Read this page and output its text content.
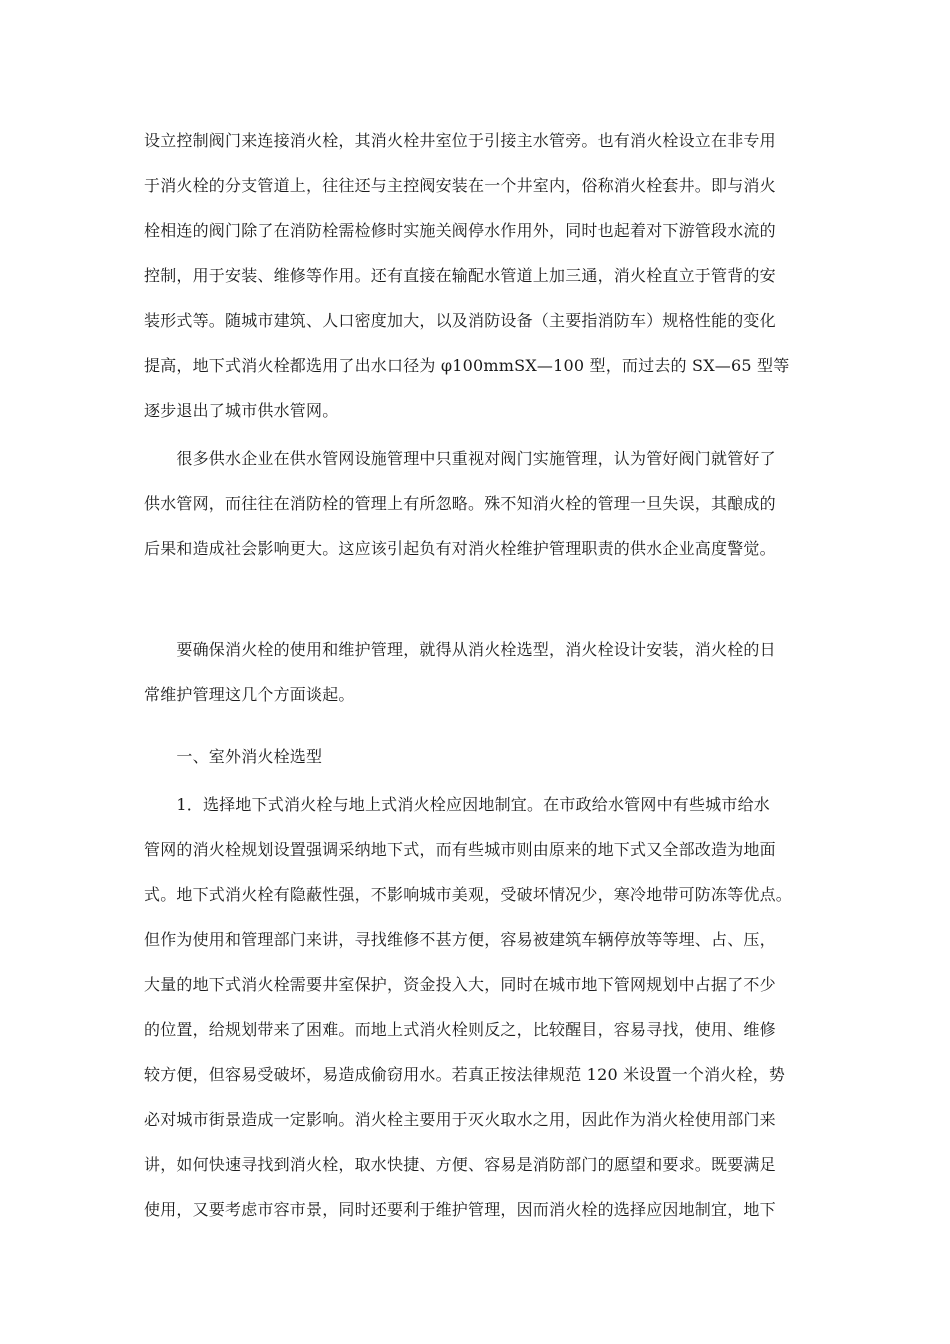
设立控制阀门来连接消火栓，其消火栓井室位于引接主水管旁。也有消火栓设立在非专用
于消火栓的分支管道上，往往还与主控阀安装在一个井室内，俗称消火栓套井。即与消火
栓相连的阀门除了在消防栓需检修时实施关阀停水作用外，同时也起着对下游管段水流的
控制，用于安装、维修等作用。还有直接在输配水管道上加三通，消火栓直立于管背的安
装形式等。随城市建筑、人口密度加大，以及消防设备（主要指消防车）规格性能的变化
提高，地下式消火栓都选用了出水口径为 φ100mmSX—100 型，而过去的 SX—65 型等
逐步退出了城市供水管网。
　　很多供水企业在供水管网设施管理中只重视对阀门实施管理，认为管好阀门就管好了
供水管网，而往往在消防栓的管理上有所忽略。殊不知消火栓的管理一旦失误，其酿成的
后果和造成社会影响更大。这应该引起负有对消火栓维护管理职责的供水企业高度警觉。
　　要确保消火栓的使用和维护管理，就得从消火栓选型，消火栓设计安装，消火栓的日
常维护管理这几个方面谈起。
　　一、室外消火栓选型
　　1．选择地下式消火栓与地上式消火栓应因地制宜。在市政给水管网中有些城市给水
管网的消火栓规划设置强调采纳地下式，而有些城市则由原来的地下式又全部改造为地面
式。地下式消火栓有隐蔽性强，不影响城市美观，受破坏情况少，寒冷地带可防冻等优点。
但作为使用和管理部门来讲，寻找维修不甚方便，容易被建筑车辆停放等等埋、占、压，
大量的地下式消火栓需要井室保护，资金投入大，同时在城市地下管网规划中占据了不少
的位置，给规划带来了困难。而地上式消火栓则反之，比较醒目，容易寻找，使用、维修
较方便，但容易受破坏，易造成偷窃用水。若真正按法律规范 120 米设置一个消火栓，势
必对城市街景造成一定影响。消火栓主要用于灭火取水之用，因此作为消火栓使用部门来
讲，如何快速寻找到消火栓，取水快捷、方便、容易是消防部门的愿望和要求。既要满足
使用，又要考虑市容市景，同时还要利于维护管理，因而消火栓的选择应因地制宜，地下
